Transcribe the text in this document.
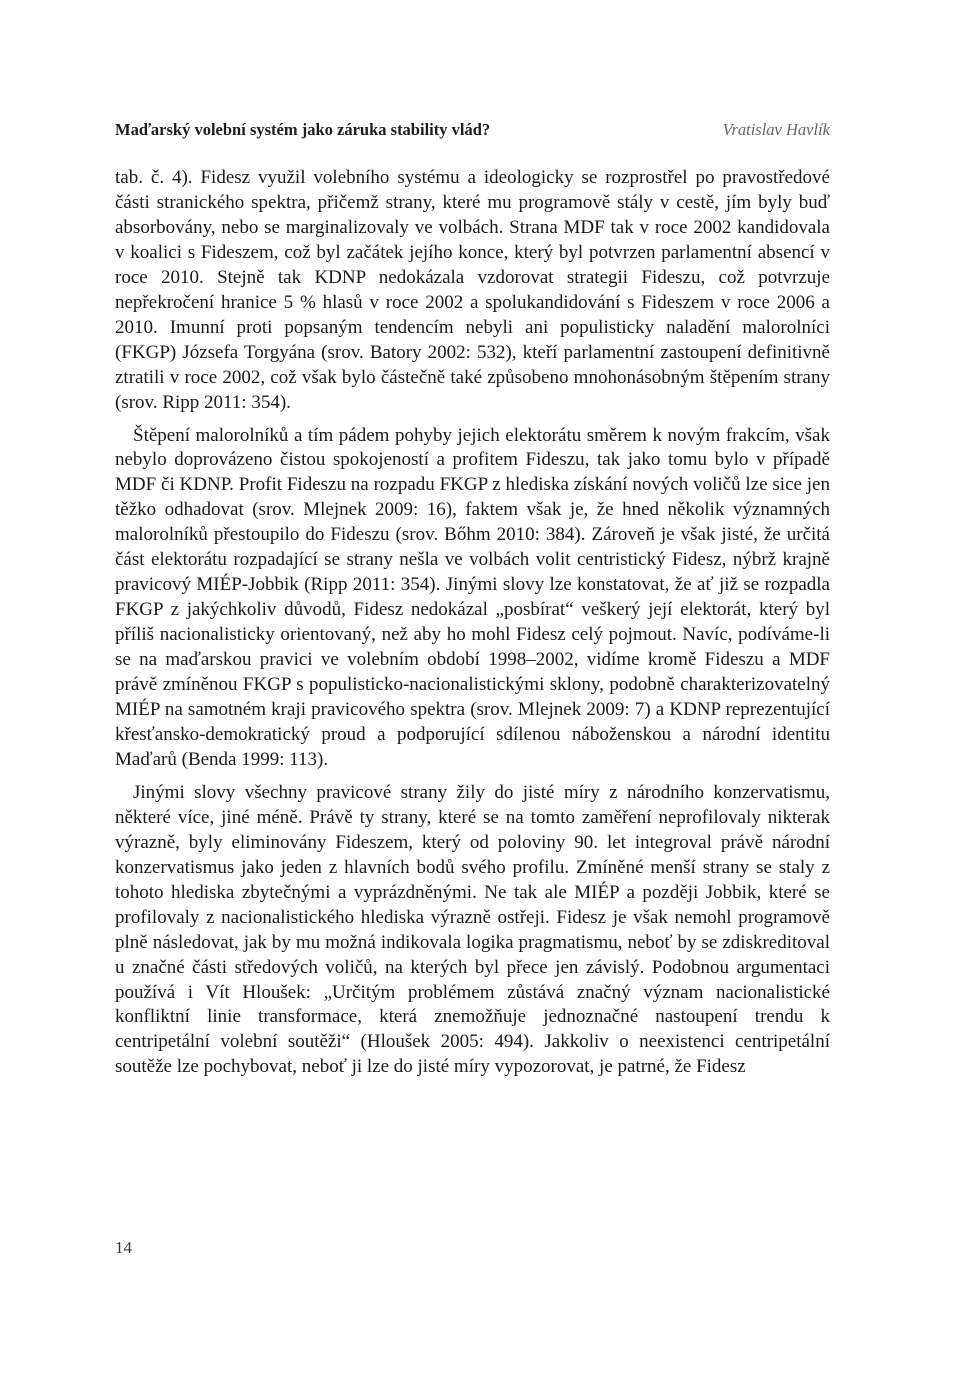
Maďarský volební systém jako záruka stability vlád?	Vratislav Havlík

tab. č. 4). Fidesz využil volebního systému a ideologicky se rozprostřel po pravostředové části stranického spektra, přičemž strany, které mu programově stály v cestě, jím byly buď absorbovány, nebo se marginalizovaly ve volbách. Strana MDF tak v roce 2002 kandidovala v koalici s Fideszem, což byl začátek jejího konce, který byl potvrzen parlamentní absencí v roce 2010. Stejně tak KDNP nedokázala vzdorovat strategii Fideszu, což potvrzuje nepřekročení hranice 5 % hlasů v roce 2002 a spolukandidování s Fideszem v roce 2006 a 2010. Imunní proti popsaným tendencím nebyli ani populisticky naladění malorolníci (FKGP) Józsefa Torgyána (srov. Batory 2002: 532), kteří parlamentní zastoupení definitivně ztratili v roce 2002, což však bylo částečně také způsobeno mnohonásobným štěpením strany (srov. Ripp 2011: 354).

Štěpení malorolníků a tím pádem pohyby jejich elektorátu směrem k novým frakcím, však nebylo doprovázeno čistou spokojeností a profitem Fideszu, tak jako tomu bylo v případě MDF či KDNP. Profit Fideszu na rozpadu FKGP z hlediska získání nových voličů lze sice jen těžko odhadovat (srov. Mlejnek 2009: 16), faktem však je, že hned několik významných malorolníků přestoupilo do Fideszu (srov. Bőhm 2010: 384). Zároveň je však jisté, že určitá část elektorátu rozpadající se strany nešla ve volbách volit centristický Fidesz, nýbrž krajně pravicový MIÉP-Jobbik (Ripp 2011: 354). Jinými slovy lze konstatovat, že ať již se rozpadla FKGP z jakýchkoliv důvodů, Fidesz nedokázal „posbírat“ veškerý její elektorát, který byl příliš nacionalisticky orientovaný, než aby ho mohl Fidesz celý pojmout. Navíc, podíváme-li se na maďarskou pravici ve volebním období 1998–2002, vidíme kromě Fideszu a MDF právě zmíněnou FKGP s populisticko-nacionalistickými sklony, podobně charakterizovatelný MIÉP na samotném kraji pravicového spektra (srov. Mlejnek 2009: 7) a KDNP reprezentující křesťansko-demokratický proud a podporující sdílenou náboženskou a národní identitu Maďarů (Benda 1999: 113).

Jinými slovy všechny pravicové strany žily do jisté míry z národního konzervatismu, některé více, jiné méně. Právě ty strany, které se na tomto zaměření neprofilovaly nikterak výrazně, byly eliminovány Fideszem, který od poloviny 90. let integroval právě národní konzervatismus jako jeden z hlavních bodů svého profilu. Zmíněné menší strany se staly z tohoto hlediska zbytečnými a vyprázdněnými. Ne tak ale MIÉP a později Jobbik, které se profilovaly z nacionalistického hlediska výrazně ostřeji. Fidesz je však nemohl programově plně následovat, jak by mu možná indikovala logika pragmatismu, neboť by se zdiskreditoval u značné části středových voličů, na kterých byl přece jen závislý. Podobnou argumentaci používá i Vít Hloušek: „Určitým problémem zůstává značný význam nacionalistické konfliktní linie transformace, která znemožňuje jednoznačné nastoupení trendu k centripetální volební soutěži“ (Hloušek 2005: 494). Jakkoliv o neexistenci centripetální soutěže lze pochybovat, neboť ji lze do jisté míry vypozorovat, je patrné, že Fidesz

14
